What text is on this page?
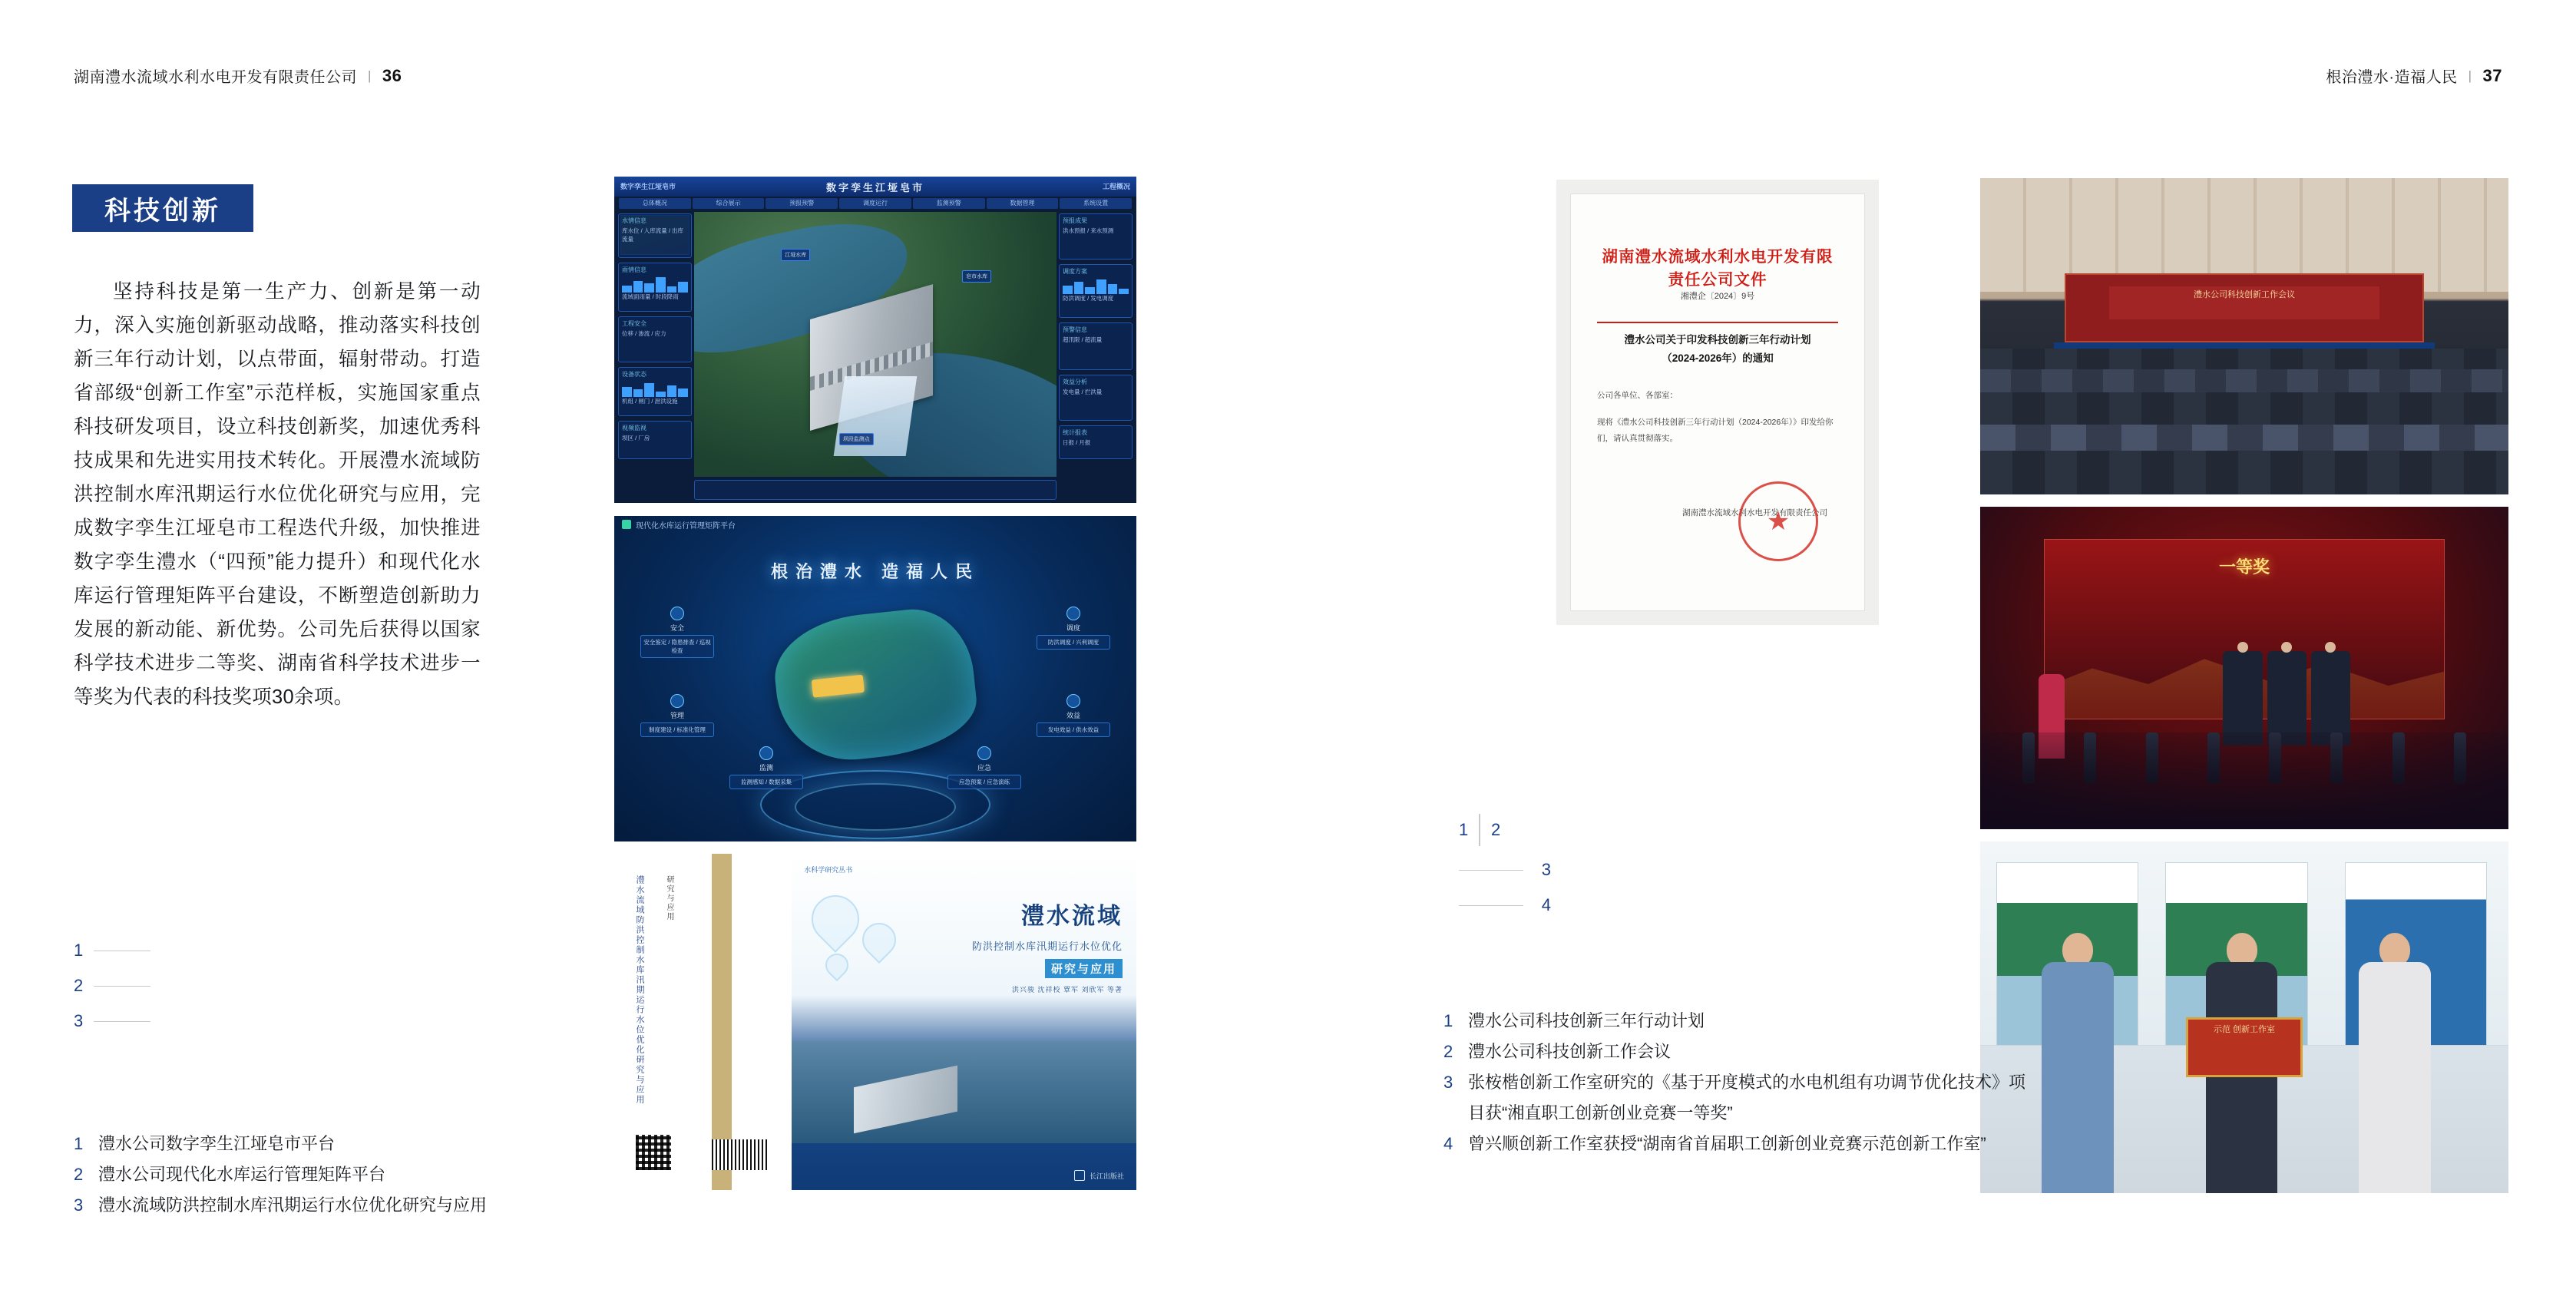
湖南澧水流域水利水电开发有限责任公司 | 36
科技创新
坚持科技是第一生产力、创新是第一动力，深入实施创新驱动战略，推动落实科技创新三年行动计划，以点带面，辐射带动。打造省部级“创新工作室”示范样板，实施国家重点科技研发项目，设立科技创新奖，加速优秀科技成果和先进实用技术转化。开展澧水流域防洪控制水库汛期运行水位优化研究与应用，完成数字孪生江垭皂市工程迭代升级，加快推进数字孪生澧水（“四预”能力提升）和现代化水库运行管理矩阵平台建设，不断塑造创新助力发展的新动能、新优势。公司先后获得以国家科学技术进步二等奖、湖南省科学技术进步一等奖为代表的科技奖项30余项。
1
2
3
1 澧水公司数字孪生江垭皂市平台
2 澧水公司现代化水库运行管理矩阵平台
3 澧水流域防洪控制水库汛期运行水位优化研究与应用
数字孪生江垭皂市	数字孪生江垭皂市	工程概况
总体概况	综合展示	预报预警	调度运行	监测预警	数据管理	系统设置
江垭水库
皂市水库
坝段监测点
水情信息
库水位 / 入库流量 / 出库流量
雨情信息
流域面雨量 / 时段降雨
工程安全
位移 / 渗流 / 应力
设备状态
机组 / 闸门 / 泄洪设施
视频监视
坝区 / 厂房
预报成果
洪水预报 / 来水预测
调度方案
防洪调度 / 发电调度
预警信息
超汛限 / 超流量
效益分析
发电量 / 拦洪量
统计报表
日报 / 月报
现代化水库运行管理矩阵平台
根治澧水 造福人民
安全
安全鉴定 / 隐患排查 / 巡视检查
管理
制度建设 / 标准化管理
监测
监测感知 / 数据采集
调度
防洪调度 / 兴利调度
效益
发电效益 / 供水效益
应急
应急预案 / 应急演练
澧水流域防洪控制水库汛期运行水位优化研究与应用	研究与应用
水科学研究丛书
澧水流域
防洪控制水库汛期运行水位优化
研究与应用
洪兴骏 沈祥校 覃军 刘欣军 等著
长江出版社
根治澧水·造福人民 | 37
湖南澧水流域水利水电开发有限责任公司文件
湘澧企〔2024〕9号
澧水公司关于印发科技创新三年行动计划
（2024-2026年）的通知

公司各单位、各部室：

现将《澧水公司科技创新三年行动计划（2024-2026年）》印发给你们，请认真贯彻落实。

湖南澧水流域水利水电开发有限责任公司
★
澧水公司科技创新工作会议
一等奖
示范 创新工作室
1	2
3
4
1 澧水公司科技创新三年行动计划
2 澧水公司科技创新工作会议
3 张桉楷创新工作室研究的《基于开度模式的水电机组有功调节优化技术》项目获“湘直职工创新创业竞赛一等奖”
4 曾兴顺创新工作室获授“湖南省首届职工创新创业竞赛示范创新工作室”
